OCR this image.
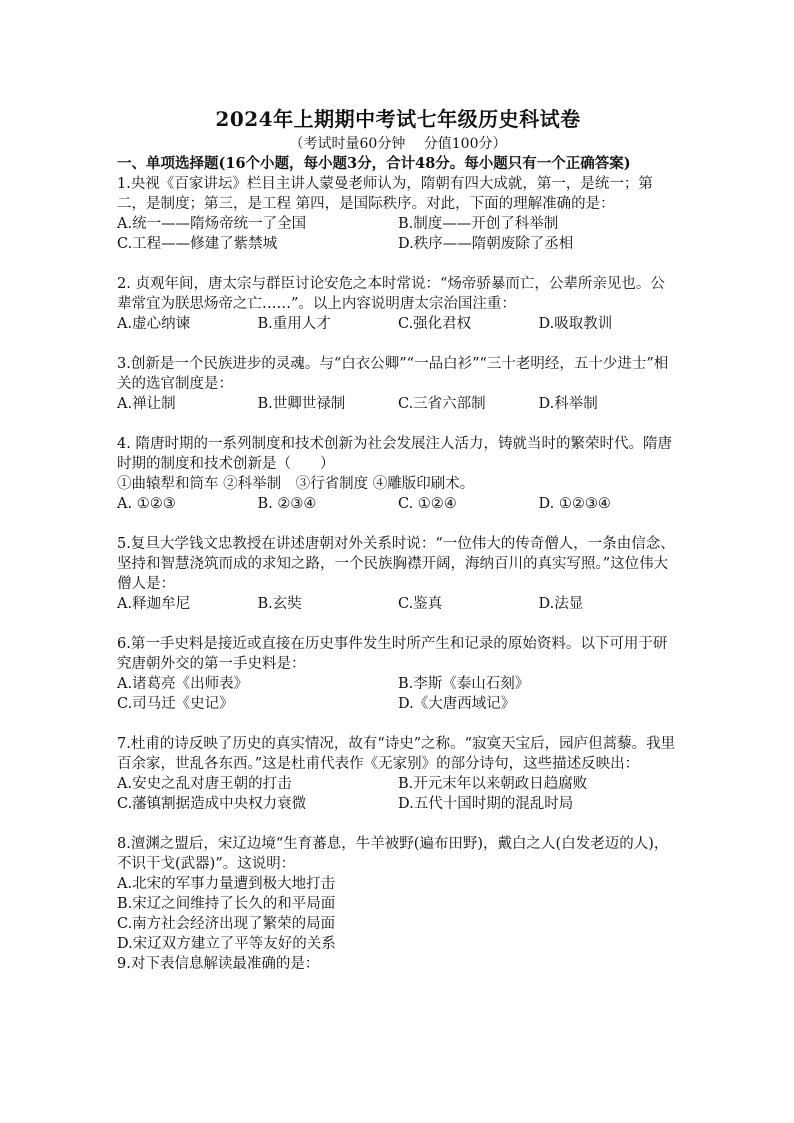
2024年上期期中考试七年级历史科试卷

（考试时量60分钟　 分值100分）

一、单项选择题(16个小题，每小题3分，合计48分。每小题只有一个正确答案)

1.央视《百家讲坛》栏目主讲人蒙曼老师认为，隋朝有四大成就，第一，是统一；第二，是制度；第三，是工程 第四，是国际秩序。对此，下面的理解准确的是：

A.统一——隋炀帝统一了全国	B.制度——开创了科举制
C.工程——修建了紫禁城	D.秩序——隋朝废除了丞相

2. 贞观年间，唐太宗与群臣讨论安危之本时常说：“炀帝骄暴而亡，公辈所亲见也。公辈常宜为朕思炀帝之亡……”。以上内容说明唐太宗治国注重：

A.虚心纳谏	B.重用人才	C.强化君权	D.吸取教训

3.创新是一个民族进步的灵魂。与“白衣公卿”“一品白衫”“三十老明经，五十少进士”相关的选官制度是：

A.禅让制	B.世卿世禄制	C.三省六部制	D.科举制

4. 隋唐时期的一系列制度和技术创新为社会发展注人活力，铸就当时的繁荣时代。隋唐时期的制度和技术创新是（　　）

①曲辕犁和筒车 ②科举制　③行省制度 ④雕版印刷术。

A. ①②③	B. ②③④	C. ①②④	D. ①②③④

5.复旦大学钱文忠教授在讲述唐朝对外关系时说：“一位伟大的传奇僧人，一条由信念、坚持和智慧浇筑而成的求知之路，一个民族胸襟开阔，海纳百川的真实写照。”这位伟大僧人是：

A.释迦牟尼	B.玄奘	C.鉴真	D.法显

6.第一手史料是接近或直接在历史事件发生时所产生和记录的原始资料。以下可用于研究唐朝外交的第一手史料是：

A.诸葛亮《出师表》	B.李斯《泰山石刻》
C.司马迁《史记》	D.《大唐西域记》

7.杜甫的诗反映了历史的真实情况，故有“诗史”之称。“寂寞天宝后，园庐但蒿藜。我里百余家，世乱各东西。”这是杜甫代表作《无家别》的部分诗句，这些描述反映出：

A.安史之乱对唐王朝的打击	B.开元末年以来朝政日趋腐败
C.藩镇割据造成中央权力衰微	D.五代十国时期的混乱时局

8.澶渊之盟后，宋辽边境“生育蕃息，牛羊被野(遍布田野)，戴白之人(白发老迈的人)，不识干戈(武器)”。这说明：

A.北宋的军事力量遭到极大地打击
B.宋辽之间维持了长久的和平局面
C.南方社会经济出现了繁荣的局面
D.宋辽双方建立了平等友好的关系

9.对下表信息解读最准确的是：
